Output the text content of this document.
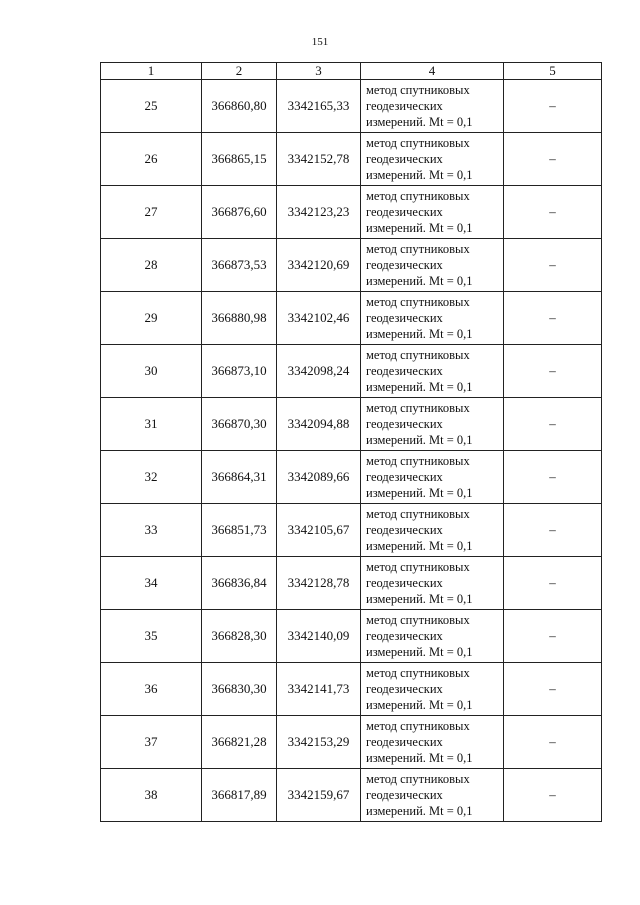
151
1	2	3	4	5
25	366860,80	3342165,33	метод спутниковых
геодезических
измерений. Mt = 0,1	–
26	366865,15	3342152,78	метод спутниковых
геодезических
измерений. Mt = 0,1	–
27	366876,60	3342123,23	метод спутниковых
геодезических
измерений. Mt = 0,1	–
28	366873,53	3342120,69	метод спутниковых
геодезических
измерений. Mt = 0,1	–
29	366880,98	3342102,46	метод спутниковых
геодезических
измерений. Mt = 0,1	–
30	366873,10	3342098,24	метод спутниковых
геодезических
измерений. Mt = 0,1	–
31	366870,30	3342094,88	метод спутниковых
геодезических
измерений. Mt = 0,1	–
32	366864,31	3342089,66	метод спутниковых
геодезических
измерений. Mt = 0,1	–
33	366851,73	3342105,67	метод спутниковых
геодезических
измерений. Mt = 0,1	–
34	366836,84	3342128,78	метод спутниковых
геодезических
измерений. Mt = 0,1	–
35	366828,30	3342140,09	метод спутниковых
геодезических
измерений. Mt = 0,1	–
36	366830,30	3342141,73	метод спутниковых
геодезических
измерений. Mt = 0,1	–
37	366821,28	3342153,29	метод спутниковых
геодезических
измерений. Mt = 0,1	–
38	366817,89	3342159,67	метод спутниковых
геодезических
измерений. Mt = 0,1	–
